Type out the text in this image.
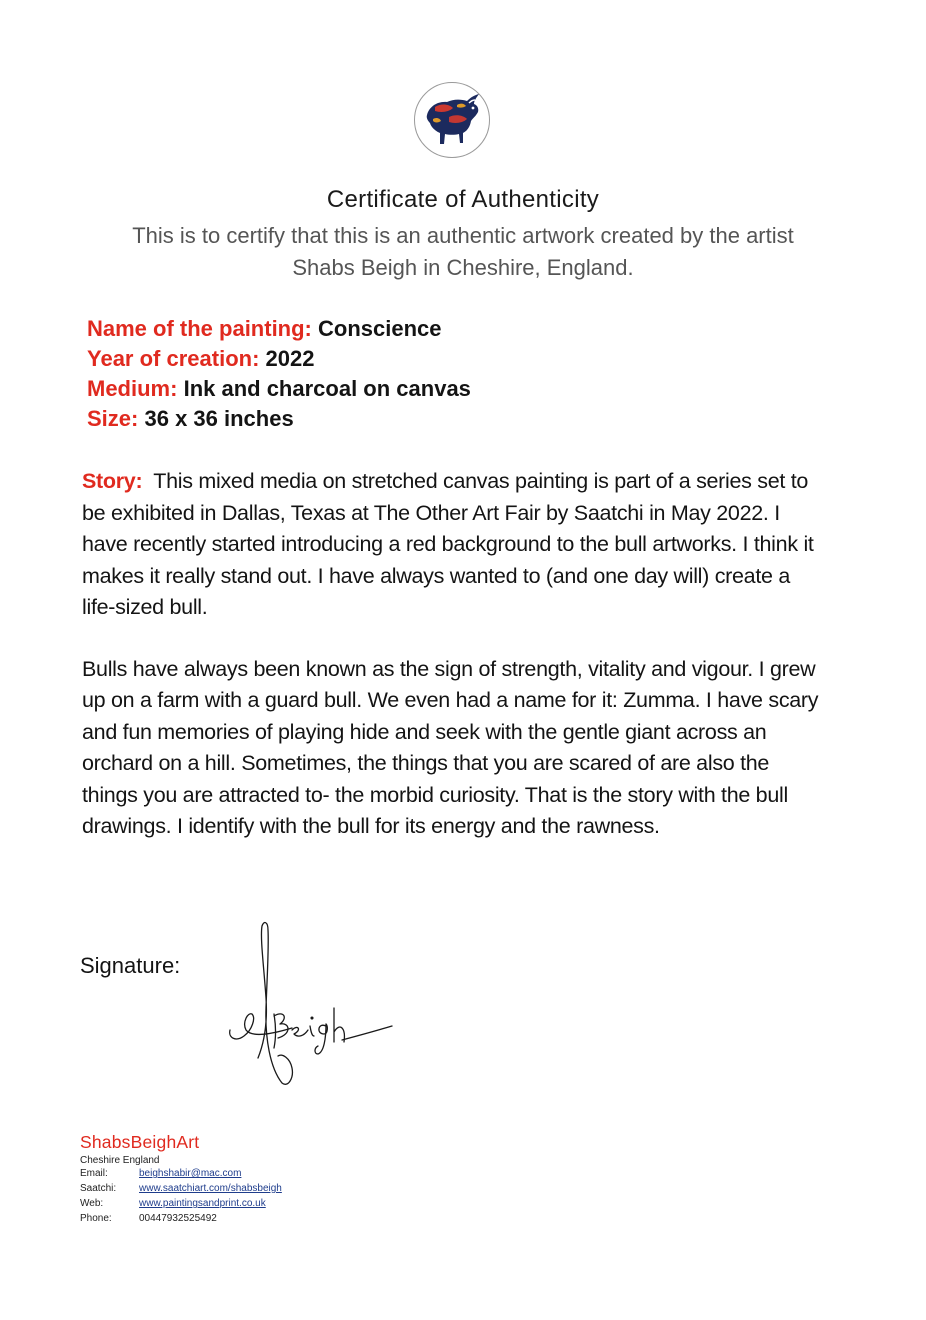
Certificate of Authenticity
This is to certify that this is an authentic artwork created by the artist
Shabs Beigh in Cheshire, England.
Name of the painting: Conscience
Year of creation: 2022
Medium: Ink and charcoal on canvas
Size: 36 x 36 inches

Story: This mixed media on stretched canvas painting is part of a series set to be exhibited in Dallas, Texas at The Other Art Fair by Saatchi in May 2022. I have recently started introducing a red background to the bull artworks. I think it makes it really stand out. I have always wanted to (and one day will) create a life-sized bull.

Bulls have always been known as the sign of strength, vitality and vigour. I grew up on a farm with a guard bull. We even had a name for it: Zumma. I have scary and fun memories of playing hide and seek with the gentle giant across an orchard on a hill. Sometimes, the things that you are scared of are also the things you are attracted to- the morbid curiosity. That is the story with the bull drawings. I identify with the bull for its energy and the rawness.

Signature:
ShabsBeighArt
Cheshire England
Email:	beighshabir@mac.com
Saatchi: www.saatchiart.com/shabsbeigh
Web:	www.paintingsandprint.co.uk
Phone:	00447932525492
